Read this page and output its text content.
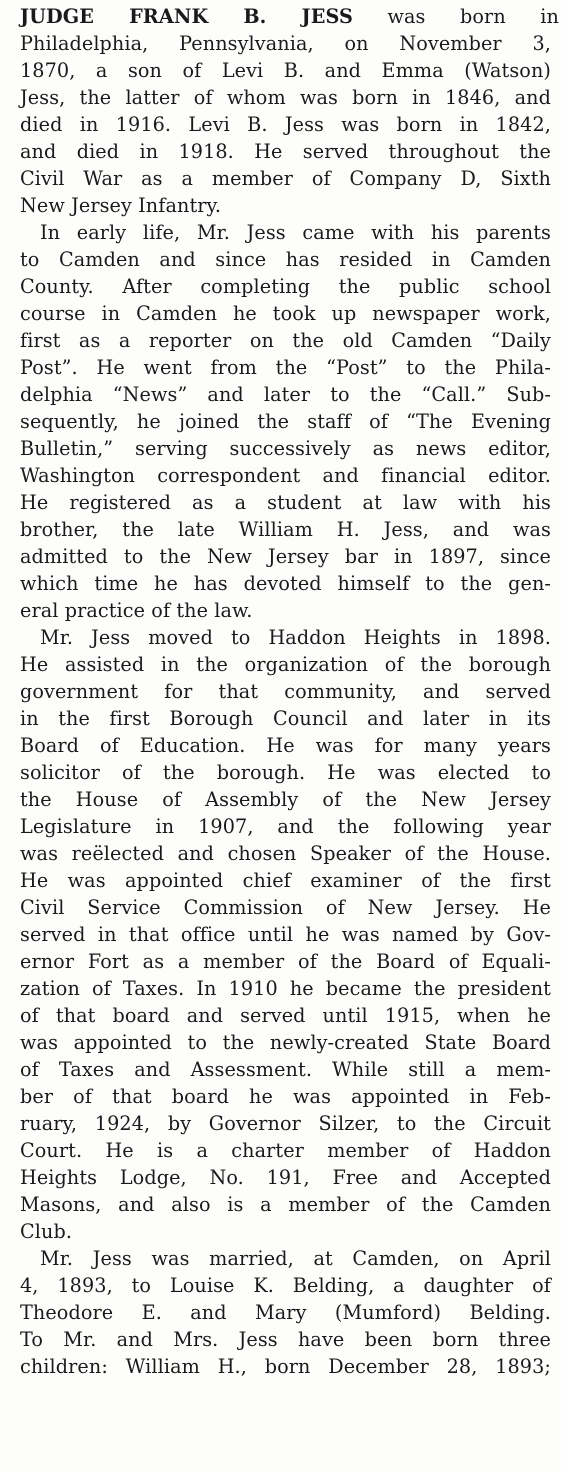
JUDGE FRANK B. JESS was born in
Philadelphia, Pennsylvania, on November 3,
1870, a son of Levi B. and Emma (Watson)
Jess, the latter of whom was born in 1846, and
died in 1916. Levi B. Jess was born in 1842,
and died in 1918. He served throughout the
Civil War as a member of Company D, Sixth
New Jersey Infantry.
In early life, Mr. Jess came with his parents
to Camden and since has resided in Camden
County. After completing the public school
course in Camden he took up newspaper work,
first as a reporter on the old Camden “Daily
Post”. He went from the “Post” to the Phila-
delphia “News” and later to the “Call.” Sub-
sequently, he joined the staff of “The Evening
Bulletin,” serving successively as news editor,
Washington correspondent and financial editor.
He registered as a student at law with his
brother, the late William H. Jess, and was
admitted to the New Jersey bar in 1897, since
which time he has devoted himself to the gen-
eral practice of the law.
Mr. Jess moved to Haddon Heights in 1898.
He assisted in the organization of the borough
government for that community, and served
in the first Borough Council and later in its
Board of Education. He was for many years
solicitor of the borough. He was elected to
the House of Assembly of the New Jersey
Legislature in 1907, and the following year
was reëlected and chosen Speaker of the House.
He was appointed chief examiner of the first
Civil Service Commission of New Jersey. He
served in that office until he was named by Gov-
ernor Fort as a member of the Board of Equali-
zation of Taxes. In 1910 he became the president
of that board and served until 1915, when he
was appointed to the newly-created State Board
of Taxes and Assessment. While still a mem-
ber of that board he was appointed in Feb-
ruary, 1924, by Governor Silzer, to the Circuit
Court. He is a charter member of Haddon
Heights Lodge, No. 191, Free and Accepted
Masons, and also is a member of the Camden
Club.
Mr. Jess was married, at Camden, on April
4, 1893, to Louise K. Belding, a daughter of
Theodore E. and Mary (Mumford) Belding.
To Mr. and Mrs. Jess have been born three
children: William H., born December 28, 1893;
